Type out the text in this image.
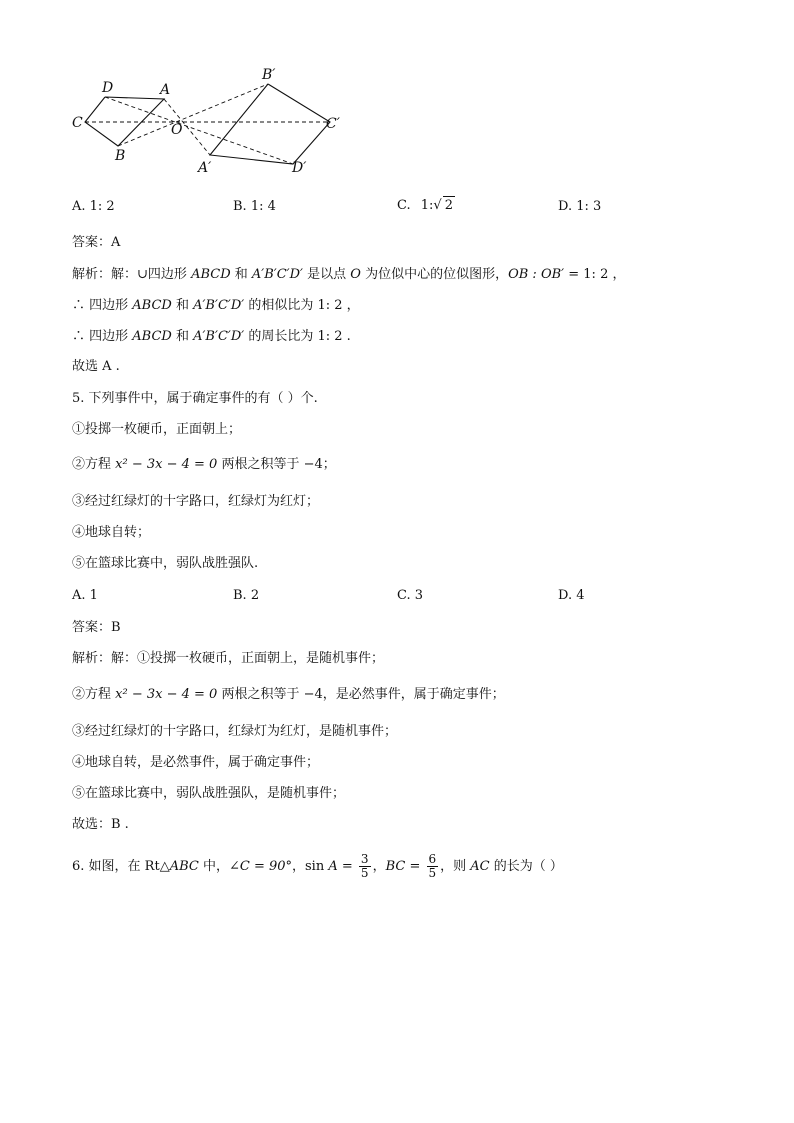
D	A
C	O
B
B′
C′
A′	D′
A. 1: 2	B. 1: 4	C. 1:√ 2	D. 1: 3
答案：A
解析：解：∪四边形 ABCD 和 A′B′C′D′ 是以点 O 为位似中心的位似图形，OB : OB′ = 1: 2 ，
∴ 四边形 ABCD 和 A′B′C′D′ 的相似比为 1: 2 ，
∴ 四边形 ABCD 和 A′B′C′D′ 的周长比为 1: 2 .
故选 A .
5. 下列事件中，属于确定事件的有（ ）个.
①投掷一枚硬币，正面朝上；
②方程 x² − 3x − 4 = 0 两根之积等于 −4；
③经过红绿灯的十字路口，红绿灯为红灯；
④地球自转；
⑤在篮球比赛中，弱队战胜强队.
A. 1	B. 2	C. 3	D. 4
答案：B
解析：解：①投掷一枚硬币，正面朝上，是随机事件；
②方程 x² − 3x − 4 = 0 两根之积等于 −4，是必然事件，属于确定事件；
③经过红绿灯的十字路口，红绿灯为红灯，是随机事件；
④地球自转，是必然事件，属于确定事件；
⑤在篮球比赛中，弱队战胜强队，是随机事件；
故选：B .
6. 如图，在 Rt△ABC 中，∠C = 90°，$\sin A = \frac{3}{5}$ ，BC = $\frac{6}{5}$ ，则 AC 的长为（ ）
